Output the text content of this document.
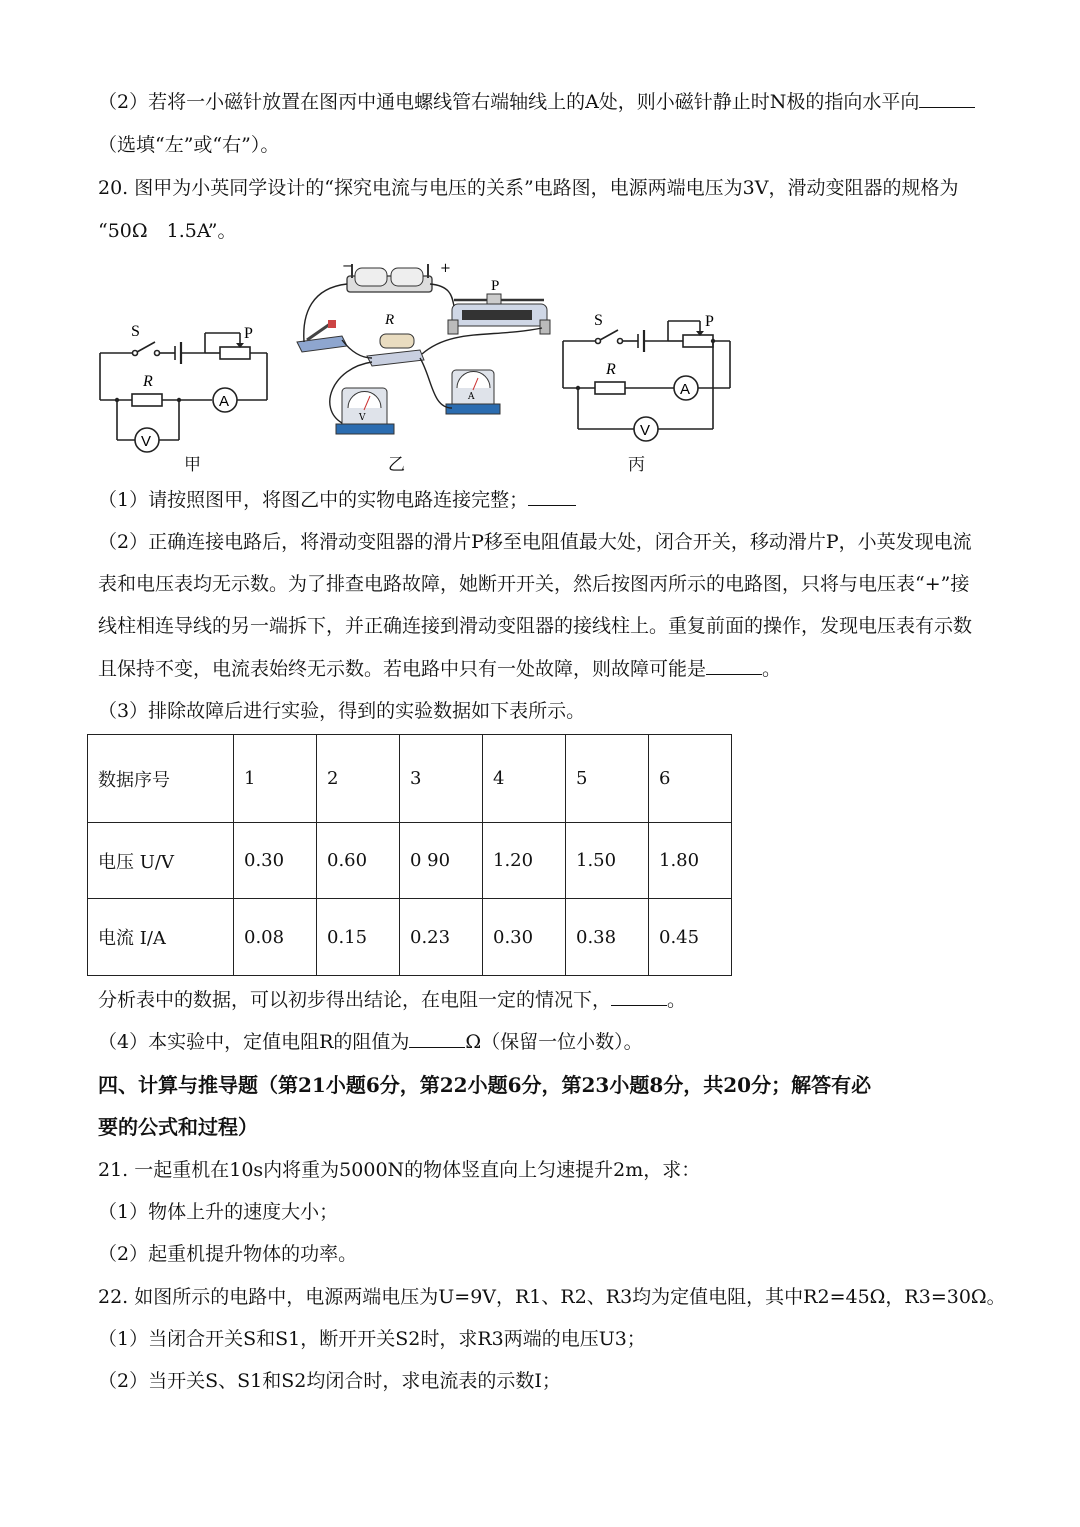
（2）若将一小磁针放置在图丙中通电螺线管右端轴线上的A处，则小磁针静止时N极的指向水平向
（选填“左”或“右”）。
20. 图甲为小英同学设计的“探究电流与电压的关系”电路图，电源两端电压为3V，滑动变阻器的规格为
“50Ω　1.5A”。
S	P
R
A
V
甲
−	+
P
R
V
A
乙
S	P
R
A
V
丙
（1）请按照图甲，将图乙中的实物电路连接完整；
（2）正确连接电路后，将滑动变阻器的滑片P移至电阻值最大处，闭合开关，移动滑片P，小英发现电流
表和电压表均无示数。为了排查电路故障，她断开开关，然后按图丙所示的电路图，只将与电压表“+”接
线柱相连导线的另一端拆下，并正确连接到滑动变阻器的接线柱上。重复前面的操作，发现电压表有示数
且保持不变，电流表始终无示数。若电路中只有一处故障，则故障可能是	。
（3）排除故障后进行实验，得到的实验数据如下表所示。
数据序号	1	2	3	4	5	6
电压 U/V	0.30	0.60	0 90	1.20	1.50	1.80
电流 I/A	0.08	0.15	0.23	0.30	0.38	0.45
分析表中的数据，可以初步得出结论，在电阻一定的情况下，	。
（4）本实验中，定值电阻R的阻值为	Ω（保留一位小数）。
四、计算与推导题（第21小题6分，第22小题6分，第23小题8分，共20分；解答有必
要的公式和过程）
21. 一起重机在10s内将重为5000N的物体竖直向上匀速提升2m，求：
（1）物体上升的速度大小；
（2）起重机提升物体的功率。
22. 如图所示的电路中，电源两端电压为U=9V，R1、R2、R3均为定值电阻，其中R2=45Ω，R3=30Ω。
（1）当闭合开关S和S1，断开开关S2时，求R3两端的电压U3；
（2）当开关S、S1和S2均闭合时，求电流表的示数I；
